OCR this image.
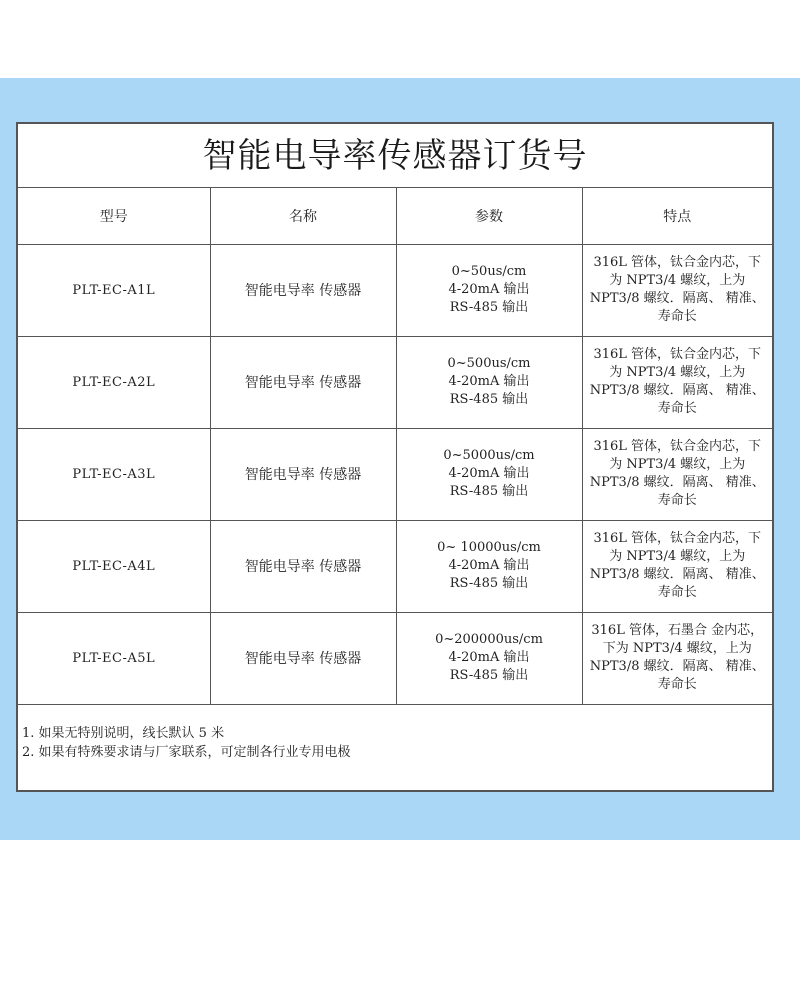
智能电导率传感器订货号
型号	名称	参数	特点
PLT-EC-A1L	智能电导率 传感器	0~50us/cm
4-20mA 输出
RS-485 输出	316L 管体，钛合金内芯，下为 NPT3/4 螺纹，上为 NPT3/8 螺纹．隔离、 精准、寿命长
PLT-EC-A2L	智能电导率 传感器	0~500us/cm
4-20mA 输出
RS-485 输出	316L 管体，钛合金内芯，下为 NPT3/4 螺纹，上为 NPT3/8 螺纹．隔离、 精准、寿命长
PLT-EC-A3L	智能电导率 传感器	0~5000us/cm
4-20mA 输出
RS-485 输出	316L 管体，钛合金内芯，下为 NPT3/4 螺纹，上为 NPT3/8 螺纹．隔离、 精准、寿命长
PLT-EC-A4L	智能电导率 传感器	0~ 10000us/cm
4-20mA 输出
RS-485 输出	316L 管体，钛合金内芯，下为 NPT3/4 螺纹，上为 NPT3/8 螺纹．隔离、 精准、寿命长
PLT-EC-A5L	智能电导率 传感器	0~200000us/cm
4-20mA 输出
RS-485 输出	316L 管体，石墨合 金内芯，下为 NPT3/4 螺纹，上为 NPT3/8 螺纹．隔离、 精准、寿命长
1. 如果无特别说明，线长默认 5 米
2. 如果有特殊要求请与厂家联系，可定制各行业专用电极
